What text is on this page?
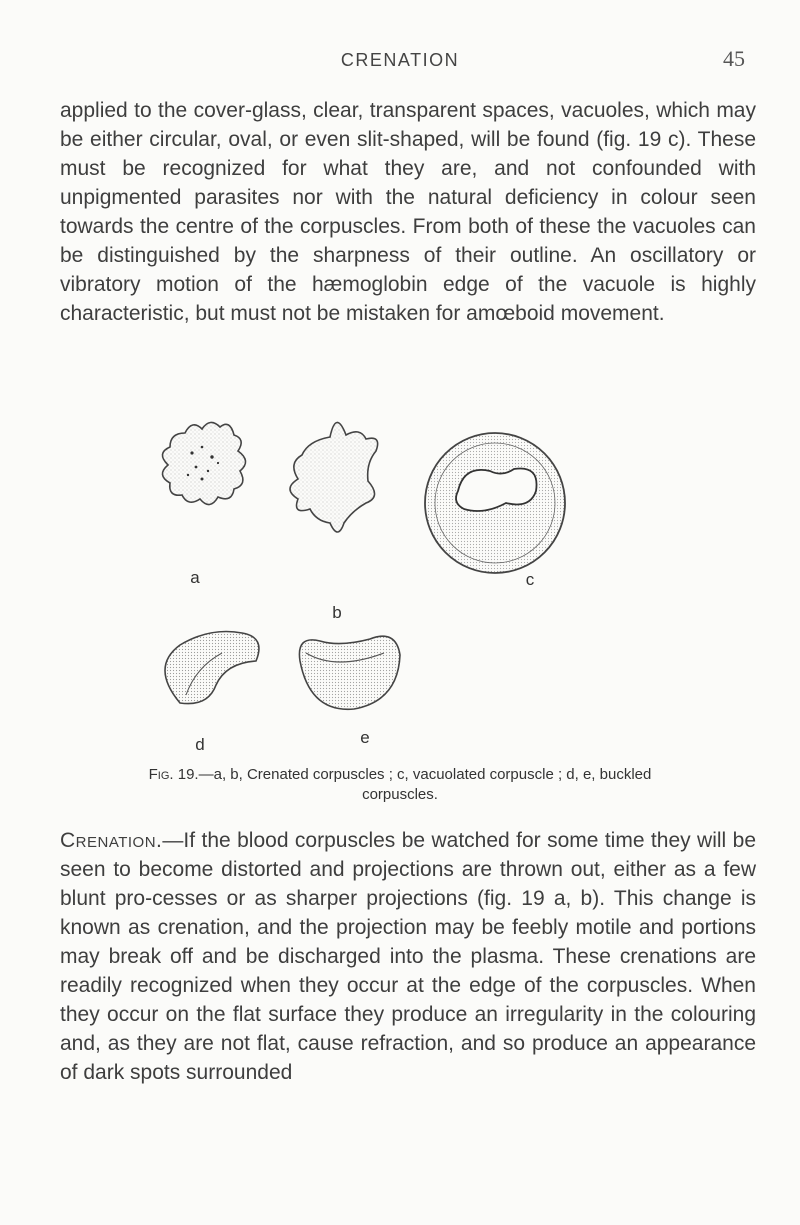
CRENATION	45

applied to the cover-glass, clear, transparent spaces, vacuoles, which may be either circular, oval, or even slit-shaped, will be found (fig. 19 c). These must be recognized for what they are, and not confounded with unpigmented parasites nor with the natural deficiency in colour seen towards the centre of the corpuscles. From both of these the vacuoles can be distinguished by the sharpness of their outline. An oscillatory or vibratory motion of the hæmoglobin edge of the vacuole is highly characteristic, but must not be mistaken for amœboid movement.

a
b
c
d	e
Fig. 19.—a, b, Crenated corpuscles ; c, vacuolated corpuscle ; d, e, buckled corpuscles.

Crenation.—If the blood corpuscles be watched for some time they will be seen to become distorted and projections are thrown out, either as a few blunt pro-cesses or as sharper projections (fig. 19 a, b). This change is known as crenation, and the projection may be feebly motile and portions may break off and be discharged into the plasma. These crenations are readily recognized when they occur at the edge of the corpuscles. When they occur on the flat surface they produce an irregularity in the colouring and, as they are not flat, cause refraction, and so produce an appearance of dark spots surrounded
